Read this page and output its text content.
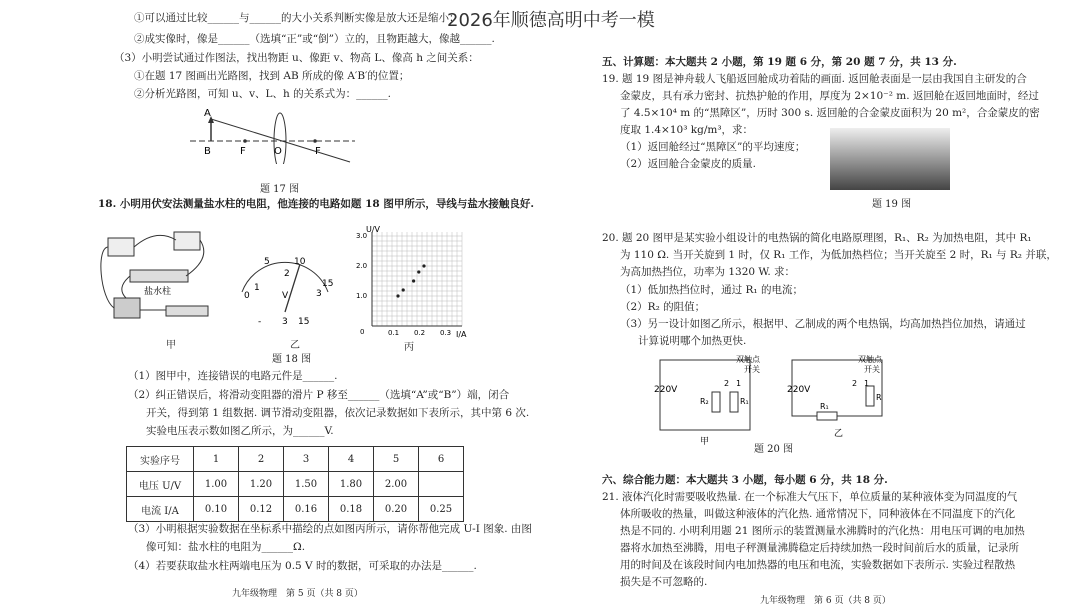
2026年顺德高明中考一模
①可以通过比较______与______的大小关系判断实像是放大还是缩小；
②成实像时，像是______（选填“正”或“倒”）立的，且物距越大，像越______.
（3）小明尝试通过作图法，找出物距 u、像距 v、物高 L、像高 h 之间关系：
①在题 17 图画出光路图，找到 AB 所成的像 A′B′的位置；
②分析光路图，可知 u、v、L、h 的关系式为：______.
A
B	F	O	F
题 17 图
18. 小明用伏安法测量盐水柱的电阻，他连接的电路如题 18 图甲所示，导线与盐水接触良好.
盐水柱
甲
0
5	10
15
1
2
3
V
- 3 15
乙
U/V
I/A
0
1.0
2.0
3.0
0.1 0.2 0.3
丙
题 18 图
（1）图甲中，连接错误的电路元件是______.
（2）纠正错误后，将滑动变阻器的滑片 P 移至______（选填“A”或“B”）端，闭合
开关，得到第 1 组数据. 调节滑动变阻器，依次记录数据如下表所示，其中第 6 次.
实验电压表示数如图乙所示，为______V.
实验序号	1	2	3	4	5	6
电压 U/V	1.00	1.20	1.50	1.80	2.00	
电流 I/A	0.10	0.12	0.16	0.18	0.20	0.25
（3）小明根据实验数据在坐标系中描绘的点如图丙所示，请你帮他完成 U-I 图象. 由图
像可知：盐水柱的电阻为______Ω.
（4）若要获取盐水柱两端电压为 0.5 V 时的数据，可采取的办法是______.
九年级物理　第 5 页（共 8 页）
五、计算题：本大题共 2 小题，第 19 题 6 分，第 20 题 7 分，共 13 分.
19. 题 19 图是神舟载人飞船返回舱成功着陆的画面. 返回舱表面是一层由我国自主研发的合
金蒙皮，具有承力密封、抗热护舱的作用，厚度为 2×10⁻² m. 返回舱在返回地面时，经过
了 4.5×10⁴ m 的“黑障区”，历时 300 s. 返回舱的合金蒙皮面积为 20 m²，合金蒙皮的密
度取 1.4×10³ kg/m³，求：
（1）返回舱经过“黑障区”的平均速度；
（2）返回舱合金蒙皮的质量.
题 19 图
20. 题 20 图甲是某实验小组设计的电热锅的简化电路原理图，R₁、R₂ 为加热电阻，其中 R₁
为 110 Ω. 当开关旋到 1 时，仅 R₁ 工作，为低加热档位；当开关旋至 2 时，R₁ 与 R₂ 并联，
为高加热挡位，功率为 1320 W. 求：
（1）低加热挡位时，通过 R₁ 的电流；
（2）R₂ 的阻值；
（3）另一设计如图乙所示，根据甲、乙制成的两个电热锅，均高加热挡位加热，请通过
计算说明哪个加热更快.
220V
双触点
开关
R₂	R₁
2 1
甲
220V
双触点
开关
R₁
R
2 1
乙
题 20 图
六、综合能力题：本大题共 3 小题，每小题 6 分，共 18 分.
21. 液体汽化时需要吸收热量. 在一个标准大气压下，单位质量的某种液体变为同温度的气
体所吸收的热量，叫做这种液体的汽化热. 通常情况下，同种液体在不同温度下的汽化
热是不同的. 小明利用题 21 图所示的装置测量水沸腾时的汽化热：用电压可调的电加热
器将水加热至沸腾，用电子秤测量沸腾稳定后持续加热一段时间前后水的质量，记录所
用的时间及在该段时间内电加热器的电压和电流，实验数据如下表所示. 实验过程散热
损失是不可忽略的.
九年级物理　第 6 页（共 8 页）
